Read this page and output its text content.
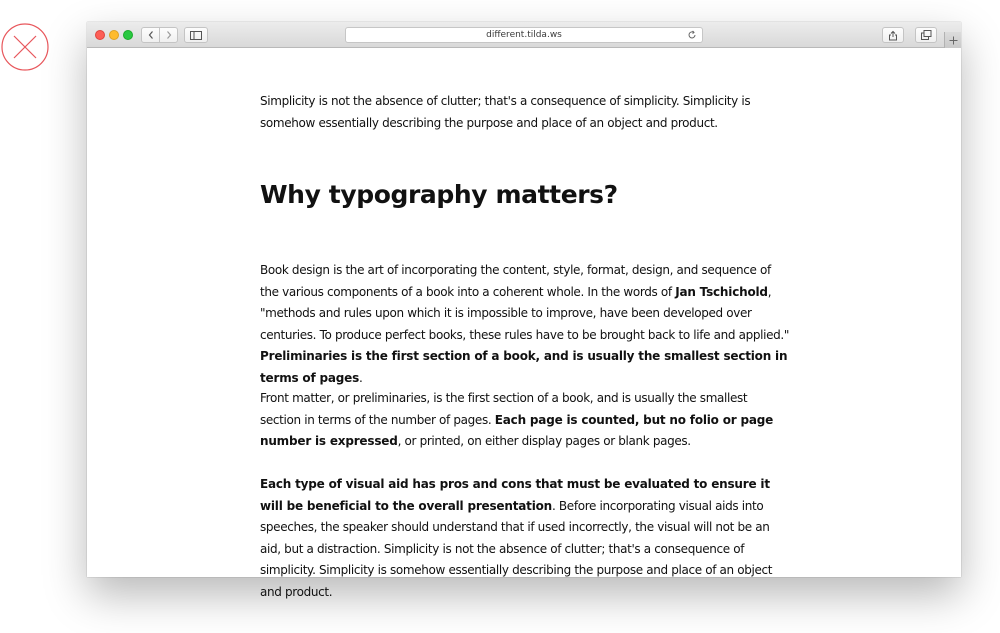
different.tilda.ws

Simplicity is not the absence of clutter; that's a consequence of simplicity. Simplicity is somehow essentially describing the purpose and place of an object and product.

Why typography matters?

Book design is the art of incorporating the content, style, format, design, and sequence of the various components of a book into a coherent whole. In the words of Jan Tschichold, "methods and rules upon which it is impossible to improve, have been developed over centuries. To produce perfect books, these rules have to be brought back to life and applied." Preliminaries is the first section of a book, and is usually the smallest section in terms of pages.

Front matter, or preliminaries, is the first section of a book, and is usually the smallest section in terms of the number of pages. Each page is counted, but no folio or page number is expressed, or printed, on either display pages or blank pages.

Each type of visual aid has pros and cons that must be evaluated to ensure it will be beneficial to the overall presentation. Before incorporating visual aids into speeches, the speaker should understand that if used incorrectly, the visual will not be an aid, but a distraction. Simplicity is not the absence of clutter; that's a consequence of simplicity. Simplicity is somehow essentially describing the purpose and place of an object and product.
